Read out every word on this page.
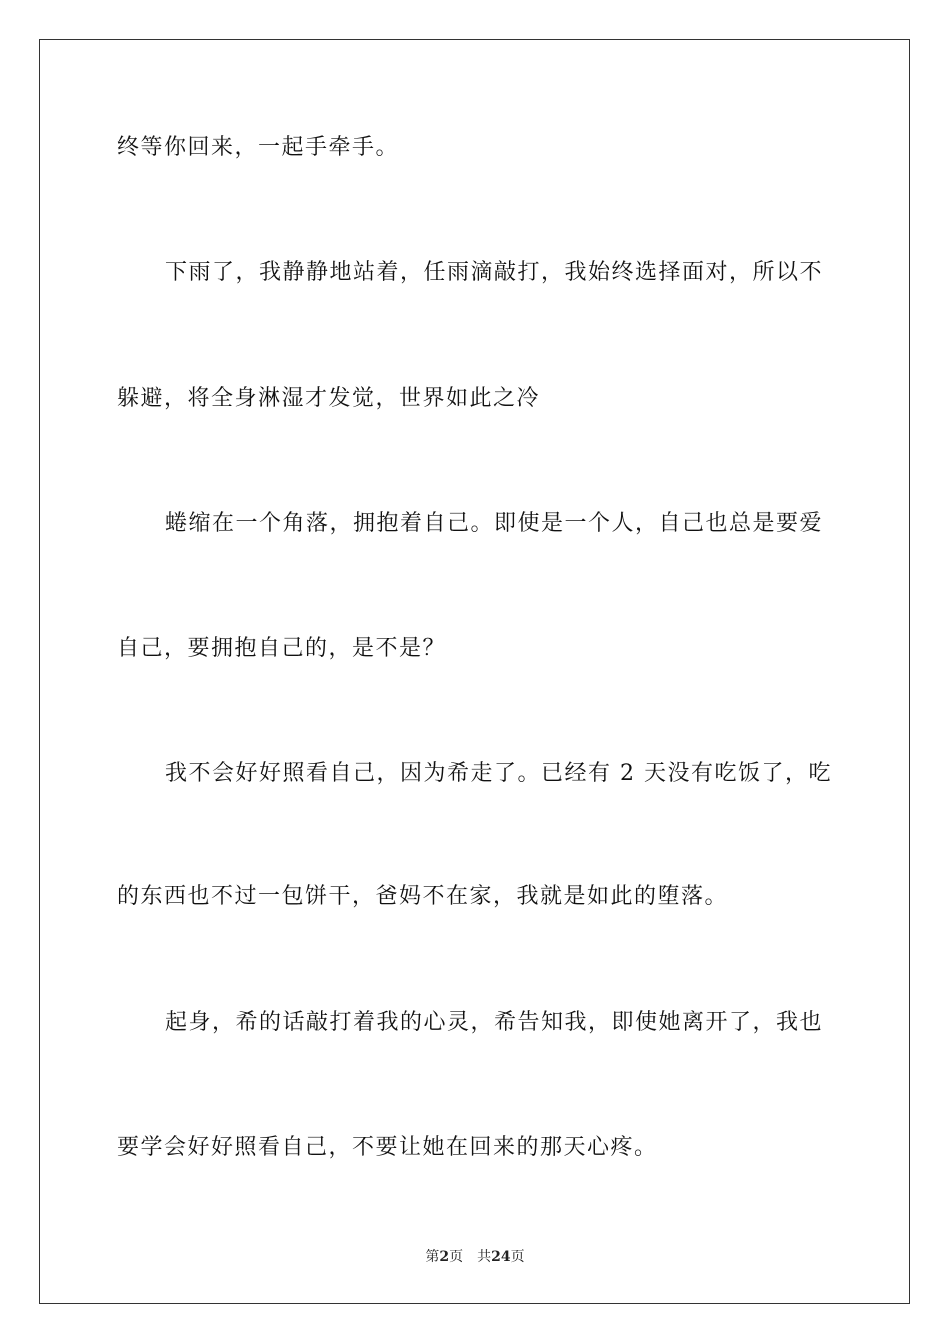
终等你回来，一起手牵手。
下雨了，我静静地站着，任雨滴敲打，我始终选择面对，所以不
躲避，将全身淋湿才发觉，世界如此之冷
蜷缩在一个角落，拥抱着自己。即使是一个人，自己也总是要爱
自己，要拥抱自己的，是不是？
我不会好好照看自己，因为希走了。已经有 2 天没有吃饭了，吃
的东西也不过一包饼干，爸妈不在家，我就是如此的堕落。
起身，希的话敲打着我的心灵，希告知我，即使她离开了，我也
要学会好好照看自己，不要让她在回来的那天心疼。
第2页 共24页
